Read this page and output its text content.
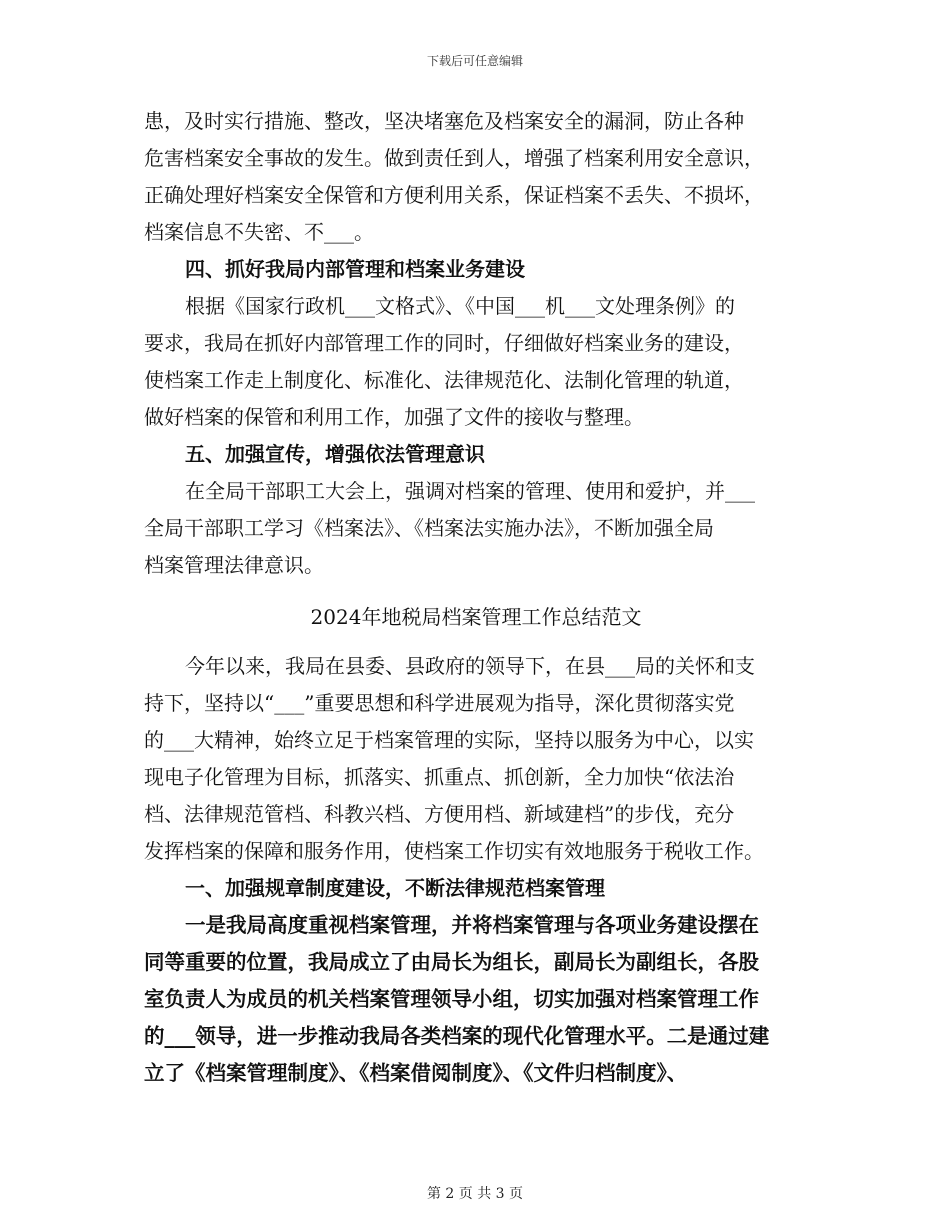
下载后可任意编辑
患，及时实行措施、整改，坚决堵塞危及档案安全的漏洞，防止各种
危害档案安全事故的发生。做到责任到人，增强了档案利用安全意识，
正确处理好档案安全保管和方便利用关系，保证档案不丢失、不损坏，
档案信息不失密、不___。
四、抓好我局内部管理和档案业务建设
根据《国家行政机___文格式》、《中国___机___文处理条例》的
要求，我局在抓好内部管理工作的同时，仔细做好档案业务的建设，
使档案工作走上制度化、标准化、法律规范化、法制化管理的轨道，
做好档案的保管和利用工作，加强了文件的接收与整理。
五、加强宣传，增强依法管理意识
在全局干部职工大会上，强调对档案的管理、使用和爱护，并___
全局干部职工学习《档案法》、《档案法实施办法》，不断加强全局
档案管理法律意识。
2024年地税局档案管理工作总结范文
今年以来，我局在县委、县政府的领导下，在县___局的关怀和支
持下，坚持以“___”重要思想和科学进展观为指导，深化贯彻落实党
的___大精神，始终立足于档案管理的实际，坚持以服务为中心，以实
现电子化管理为目标，抓落实、抓重点、抓创新，全力加快“依法治
档、法律规范管档、科教兴档、方便用档、新域建档”的步伐，充分
发挥档案的保障和服务作用，使档案工作切实有效地服务于税收工作。
一、加强规章制度建设，不断法律规范档案管理
一是我局高度重视档案管理，并将档案管理与各项业务建设摆在
同等重要的位置，我局成立了由局长为组长，副局长为副组长，各股
室负责人为成员的机关档案管理领导小组，切实加强对档案管理工作
的___领导，进一步推动我局各类档案的现代化管理水平。二是通过建
立了《档案管理制度》、《档案借阅制度》、《文件归档制度》、
第 2 页 共 3 页
